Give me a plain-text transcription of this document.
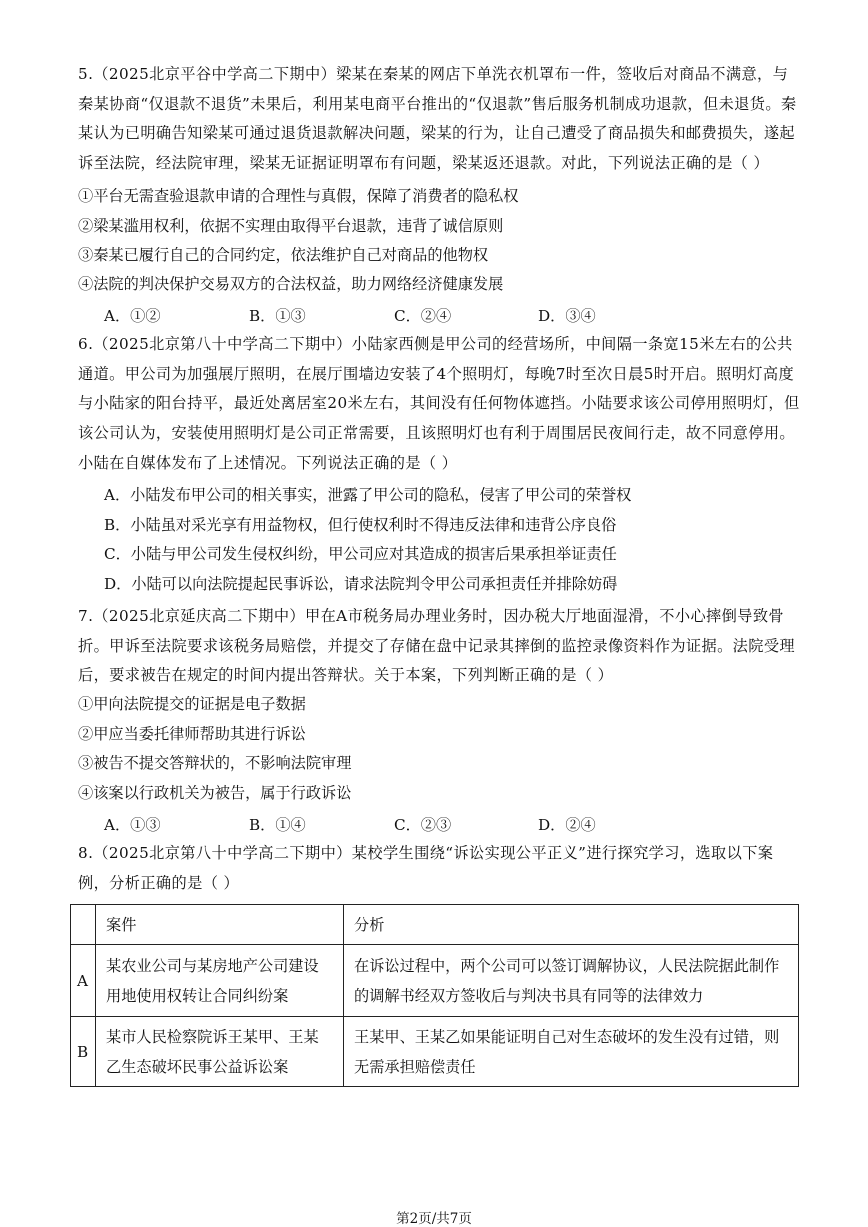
5.（2025北京平谷中学高二下期中）梁某在秦某的网店下单洗衣机罩布一件，签收后对商品不满意，与秦某协商“仅退款不退货”未果后，利用某电商平台推出的“仅退款”售后服务机制成功退款，但未退货。秦某认为已明确告知梁某可通过退货退款解决问题，梁某的行为，让自己遭受了商品损失和邮费损失，遂起诉至法院，经法院审理，梁某无证据证明罩布有问题，梁某返还退款。对此，下列说法正确的是（ ）

①平台无需查验退款申请的合理性与真假，保障了消费者的隐私权
②梁某滥用权利，依据不实理由取得平台退款，违背了诚信原则
③秦某已履行自己的合同约定，依法维护自己对商品的他物权
④法院的判决保护交易双方的合法权益，助力网络经济健康发展
A．①②	B．①③	C．②④	D．③④

6.（2025北京第八十中学高二下期中）小陆家西侧是甲公司的经营场所，中间隔一条宽15米左右的公共通道。甲公司为加强展厅照明，在展厅围墙边安装了4个照明灯，每晚7时至次日晨5时开启。照明灯高度与小陆家的阳台持平，最近处离居室20米左右，其间没有任何物体遮挡。小陆要求该公司停用照明灯，但该公司认为，安装使用照明灯是公司正常需要，且该照明灯也有利于周围居民夜间行走，故不同意停用。小陆在自媒体发布了上述情况。下列说法正确的是（ ）

A．小陆发布甲公司的相关事实，泄露了甲公司的隐私，侵害了甲公司的荣誉权

B．小陆虽对采光享有用益物权，但行使权利时不得违反法律和违背公序良俗

C．小陆与甲公司发生侵权纠纷，甲公司应对其造成的损害后果承担举证责任

D．小陆可以向法院提起民事诉讼，请求法院判令甲公司承担责任并排除妨碍

7.（2025北京延庆高二下期中）甲在A市税务局办理业务时，因办税大厅地面湿滑，不小心摔倒导致骨折。甲诉至法院要求该税务局赔偿，并提交了存储在盘中记录其摔倒的监控录像资料作为证据。法院受理后，要求被告在规定的时间内提出答辩状。关于本案，下列判断正确的是（ ）

①甲向法院提交的证据是电子数据
②甲应当委托律师帮助其进行诉讼
③被告不提交答辩状的，不影响法院审理
④该案以行政机关为被告，属于行政诉讼
A．①③	B．①④	C．②③	D．②④

8.（2025北京第八十中学高二下期中）某校学生围绕“诉讼实现公平正义”进行探究学习，选取以下案例，分析正确的是（ ）

	案件	分析
A	某农业公司与某房地产公司建设用地使用权转让合同纠纷案	在诉讼过程中，两个公司可以签订调解协议，人民法院据此制作的调解书经双方签收后与判决书具有同等的法律效力
B	某市人民检察院诉王某甲、王某乙生态破坏民事公益诉讼案	王某甲、王某乙如果能证明自己对生态破坏的发生没有过错，则无需承担赔偿责任
第2页/共7页
